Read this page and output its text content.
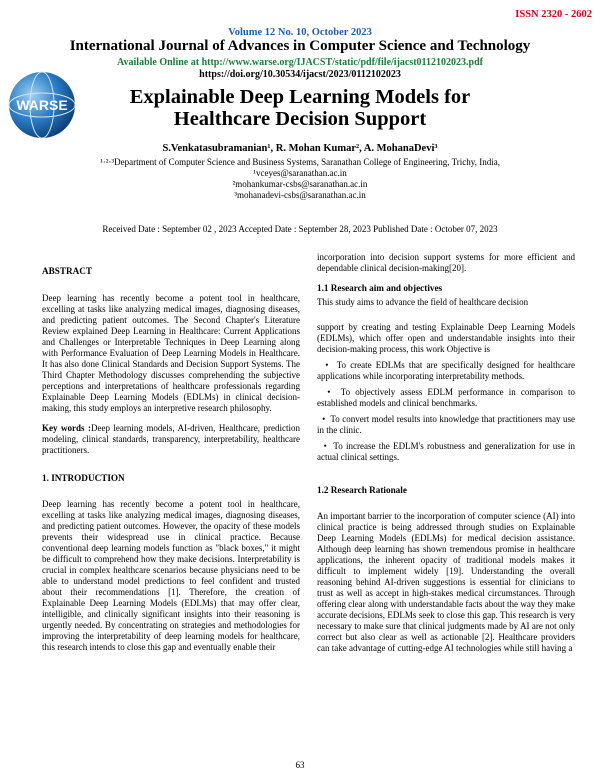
ISSN 2320 - 2602
Volume 12 No. 10, October 2023
International Journal of Advances in Computer Science and Technology
Available Online at http://www.warse.org/IJACST/static/pdf/file/ijacst0112102023.pdf
https://doi.org/10.30534/ijacst/2023/0112102023
WARSE	Explainable Deep Learning Models for
Healthcare Decision Support
S.Venkatasubramanian¹, R. Mohan Kumar², A. MohanaDevi³
¹·²·³Department of Computer Science and Business Systems, Saranathan College of Engineering, Trichy, India,
¹vceyes@saranathan.ac.in
²mohankumar-csbs@saranathan.ac.in
³mohanadevi-csbs@saranathan.ac.in
Received Date : September 02 , 2023 Accepted Date : September 28, 2023 Published Date : October 07, 2023
ABSTRACT
Deep learning has recently become a potent tool in healthcare, excelling at tasks like analyzing medical images, diagnosing diseases, and predicting patient outcomes. The Second Chapter's Literature Review explained Deep Learning in Healthcare: Current Applications and Challenges or Interpretable Techniques in Deep Learning along with Performance Evaluation of Deep Learning Models in Healthcare. It has also done Clinical Standards and Decision Support Systems. The Third Chapter Methodology discusses comprehending the subjective perceptions and interpretations of healthcare professionals regarding Explainable Deep Learning Models (EDLMs) in clinical decision-making, this study employs an interpretive research philosophy.
Key words :Deep learning models, AI-driven, Healthcare, prediction modeling, clinical standards, transparency, interpretability, healthcare practitioners.
1. INTRODUCTION
Deep learning has recently become a potent tool in healthcare, excelling at tasks like analyzing medical images, diagnosing diseases, and predicting patient outcomes. However, the opacity of these models prevents their widespread use in clinical practice. Because conventional deep learning models function as "black boxes," it might be difficult to comprehend how they make decisions. Interpretability is crucial in complex healthcare scenarios because physicians need to be able to understand model predictions to feel confident and trusted about their recommendations [1]. Therefore, the creation of Explainable Deep Learning Models (EDLMs) that may offer clear, intelligible, and clinically significant insights into their reasoning is urgently needed. By concentrating on strategies and methodologies for improving the interpretability of deep learning models for healthcare, this research intends to close this gap and eventually enable their
incorporation into decision support systems for more efficient and dependable clinical decision-making[20].
1.1 Research aim and objectives
This study aims to advance the field of healthcare decision
support by creating and testing Explainable Deep Learning Models (EDLMs), which offer open and understandable insights into their decision-making process, this work Objective is
•  To create EDLMs that are specifically designed for healthcare applications while incorporating interpretability methods.
•  To objectively assess EDLM performance in comparison to established models and clinical benchmarks.
•  To convert model results into knowledge that practitioners may use in the clinic.
•  To increase the EDLM's robustness and generalization for use in actual clinical settings.
1.2 Research Rationale
An important barrier to the incorporation of computer science (AI) into clinical practice is being addressed through studies on Explainable Deep Learning Models (EDLMs) for medical decision assistance. Although deep learning has shown tremendous promise in healthcare applications, the inherent opacity of traditional models makes it difficult to implement widely [19]. Understanding the overall reasoning behind AI-driven suggestions is essential for clinicians to trust as well as accept in high-stakes medical circumstances. Through offering clear along with understandable facts about the way they make accurate decisions, EDLMs seek to close this gap. This research is very necessary to make sure that clinical judgments made by AI are not only correct but also clear as well as actionable [2]. Healthcare providers can take advantage of cutting-edge AI technologies while still having a
63
